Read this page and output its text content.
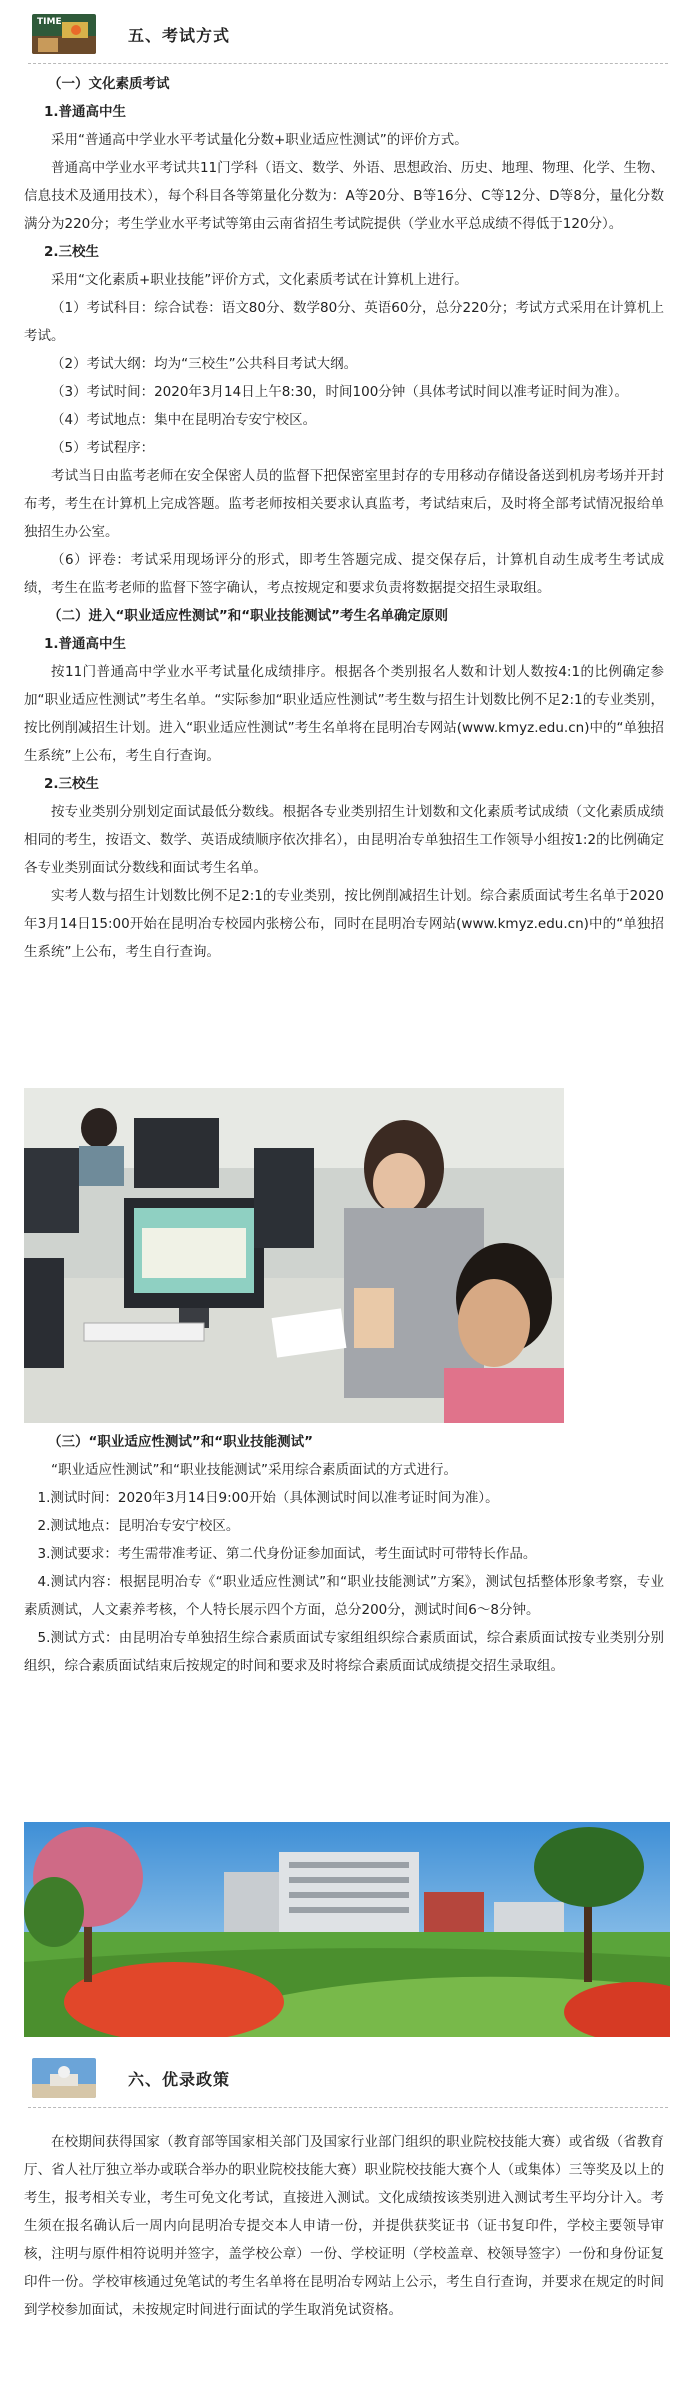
TIME
五、考试方式

（一）文化素质考试

1.普通高中生

采用“普通高中学业水平考试量化分数+职业适应性测试”的评价方式。

普通高中学业水平考试共11门学科（语文、数学、外语、思想政治、历史、地理、物理、化学、生物、信息技术及通用技术），每个科目各等第量化分数为：A等20分、B等16分、C等12分、D等8分，量化分数满分为220分；考生学业水平考试等第由云南省招生考试院提供（学业水平总成绩不得低于120分）。

2.三校生

采用“文化素质+职业技能”评价方式，文化素质考试在计算机上进行。

（1）考试科目：综合试卷：语文80分、数学80分、英语60分，总分220分；考试方式采用在计算机上考试。

（2）考试大纲：均为“三校生”公共科目考试大纲。

（3）考试时间：2020年3月14日上午8:30，时间100分钟（具体考试时间以准考证时间为准）。

（4）考试地点：集中在昆明冶专安宁校区。

（5）考试程序：

考试当日由监考老师在安全保密人员的监督下把保密室里封存的专用移动存储设备送到机房考场并开封布考，考生在计算机上完成答题。监考老师按相关要求认真监考，考试结束后，及时将全部考试情况报给单独招生办公室。

（6）评卷：考试采用现场评分的形式，即考生答题完成、提交保存后，计算机自动生成考生考试成绩，考生在监考老师的监督下签字确认，考点按规定和要求负责将数据提交招生录取组。

（二）进入“职业适应性测试”和“职业技能测试”考生名单确定原则

1.普通高中生

按11门普通高中学业水平考试量化成绩排序。根据各个类别报名人数和计划人数按4:1的比例确定参加“职业适应性测试”考生名单。“实际参加“职业适应性测试”考生数与招生计划数比例不足2:1的专业类别，按比例削减招生计划。进入“职业适应性测试”考生名单将在昆明冶专网站(www.kmyz.edu.cn)中的“单独招生系统”上公布，考生自行查询。

2.三校生

按专业类别分别划定面试最低分数线。根据各专业类别招生计划数和文化素质考试成绩（文化素质成绩相同的考生，按语文、数学、英语成绩顺序依次排名），由昆明冶专单独招生工作领导小组按1:2的比例确定各专业类别面试分数线和面试考生名单。

实考人数与招生计划数比例不足2:1的专业类别，按比例削减招生计划。综合素质面试考生名单于2020年3月14日15:00开始在昆明冶专校园内张榜公布，同时在昆明冶专网站(www.kmyz.edu.cn)中的“单独招生系统”上公布，考生自行查询。

（三）“职业适应性测试”和“职业技能测试”

“职业适应性测试”和“职业技能测试”采用综合素质面试的方式进行。

1.测试时间：2020年3月14日9:00开始（具体测试时间以准考证时间为准）。

2.测试地点：昆明冶专安宁校区。

3.测试要求：考生需带准考证、第二代身份证参加面试，考生面试时可带特长作品。

4.测试内容：根据昆明冶专《“职业适应性测试”和“职业技能测试”方案》，测试包括整体形象考察，专业素质测试，人文素养考核，个人特长展示四个方面，总分200分，测试时间6～8分钟。

5.测试方式：由昆明冶专单独招生综合素质面试专家组组织综合素质面试，综合素质面试按专业类别分别组织，综合素质面试结束后按规定的时间和要求及时将综合素质面试成绩提交招生录取组。

六、优录政策

在校期间获得国家（教育部等国家相关部门及国家行业部门组织的职业院校技能大赛）或省级（省教育厅、省人社厅独立举办或联合举办的职业院校技能大赛）职业院校技能大赛个人（或集体）三等奖及以上的考生，报考相关专业，考生可免文化考试，直接进入测试。文化成绩按该类别进入测试考生平均分计入。考生须在报名确认后一周内向昆明冶专提交本人申请一份，并提供获奖证书（证书复印件，学校主要领导审核，注明与原件相符说明并签字，盖学校公章）一份、学校证明（学校盖章、校领导签字）一份和身份证复印件一份。学校审核通过免笔试的考生名单将在昆明冶专网站上公示，考生自行查询，并要求在规定的时间到学校参加面试，未按规定时间进行面试的学生取消免试资格。
